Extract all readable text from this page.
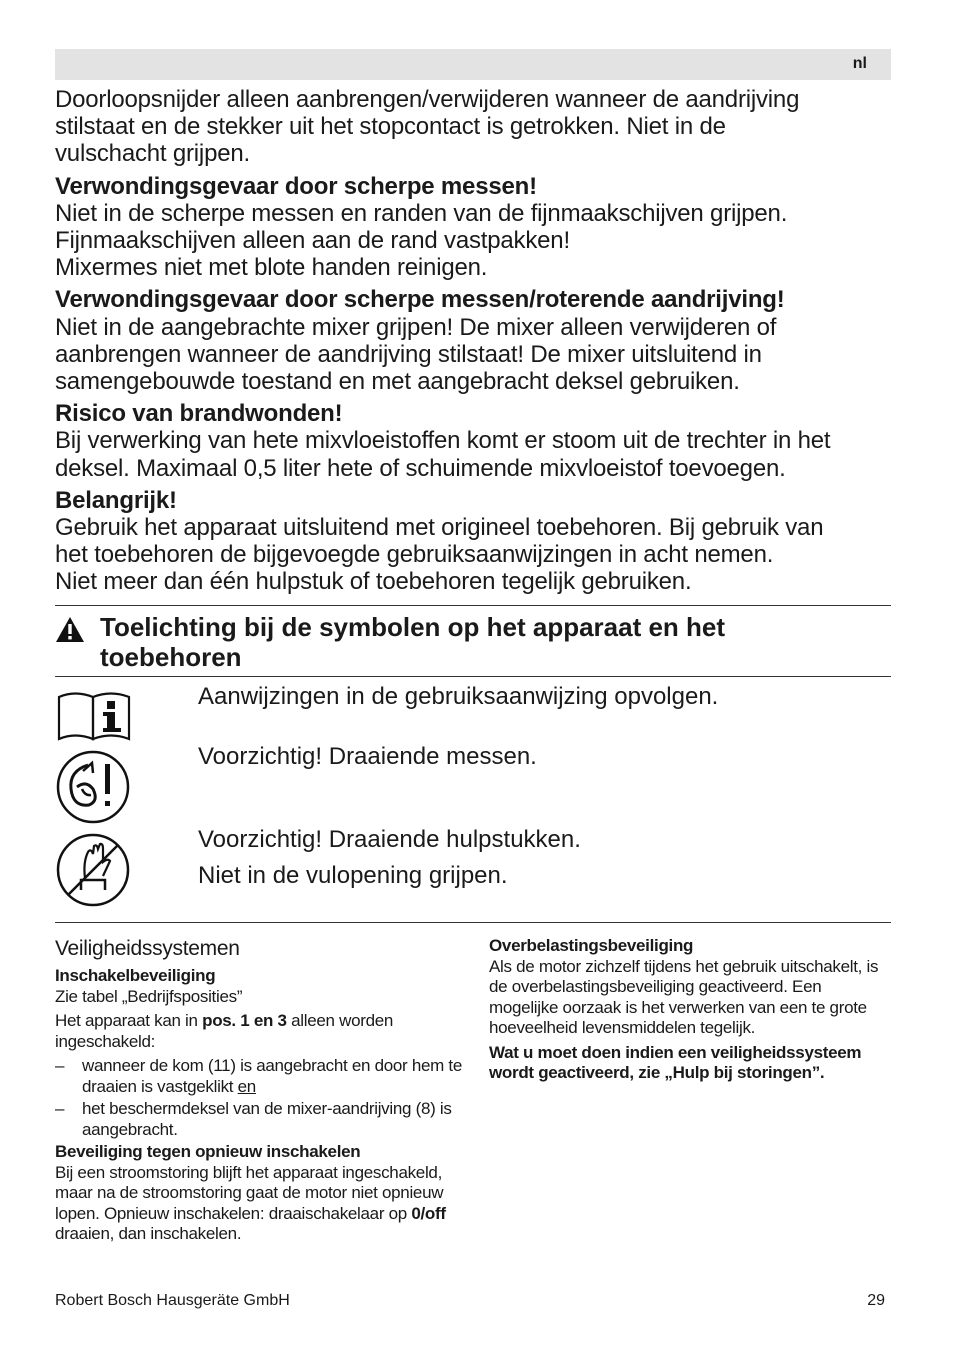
nl

Doorloopsnijder alleen aanbrengen/verwijderen wanneer de aandrijving

stilstaat en de stekker uit het stopcontact is getrokken. Niet in de

vulschacht grijpen.

Verwondingsgevaar door scherpe messen!

Niet in de scherpe messen en randen van de fijnmaakschijven grijpen.

Fijnmaakschijven alleen aan de rand vastpakken!

Mixermes niet met blote handen reinigen.

Verwondingsgevaar door scherpe messen/roterende aandrijving!

Niet in de aangebrachte mixer grijpen! De mixer alleen verwijderen of

aanbrengen wanneer de aandrijving stilstaat! De mixer uitsluitend in

samengebouwde toestand en met aangebracht deksel gebruiken.

Risico van brandwonden!

Bij verwerking van hete mixvloeistoffen komt er stoom uit de trechter in het

deksel. Maximaal 0,5 liter hete of schuimende mixvloeistof toevoegen.

Belangrijk!

Gebruik het apparaat uitsluitend met origineel toebehoren. Bij gebruik van

het toebehoren de bijgevoegde gebruiksaanwijzingen in acht nemen.

Niet meer dan één hulpstuk of toebehoren tegelijk gebruiken.

Toelichting bij de symbolen op het apparaat en het
toebehoren
Aanwijzingen in de gebruiksaanwijzing opvolgen.
Voorzichtig! Draaiende messen.
Voorzichtig! Draaiende hulpstukken.
Niet in de vulopening grijpen.
Veiligheidssystemen
Inschakelbeveiliging

Zie tabel „Bedrijfsposities”

Het apparaat kan in pos. 1 en 3 alleen worden ingeschakeld:

– wanneer de kom (11) is aangebracht en door hem te draaien is vastgeklikt en
– het beschermdeksel van de mixer-aandrijving (8) is aangebracht.
Beveiliging tegen opnieuw inschakelen

Bij een stroomstoring blijft het apparaat ingeschakeld, maar na de stroomstoring gaat de motor niet opnieuw lopen. Opnieuw inschakelen: draaischakelaar op 0/off draaien, dan inschakelen.

Overbelastingsbeveiliging

Als de motor zichzelf tijdens het gebruik uitschakelt, is de overbelastingsbeveiliging geactiveerd. Een mogelijke oorzaak is het verwerken van een te grote hoeveelheid levensmiddelen tegelijk.

Wat u moet doen indien een veiligheidssysteem wordt geactiveerd, zie „Hulp bij storingen”.

Robert Bosch Hausgeräte GmbH	29
